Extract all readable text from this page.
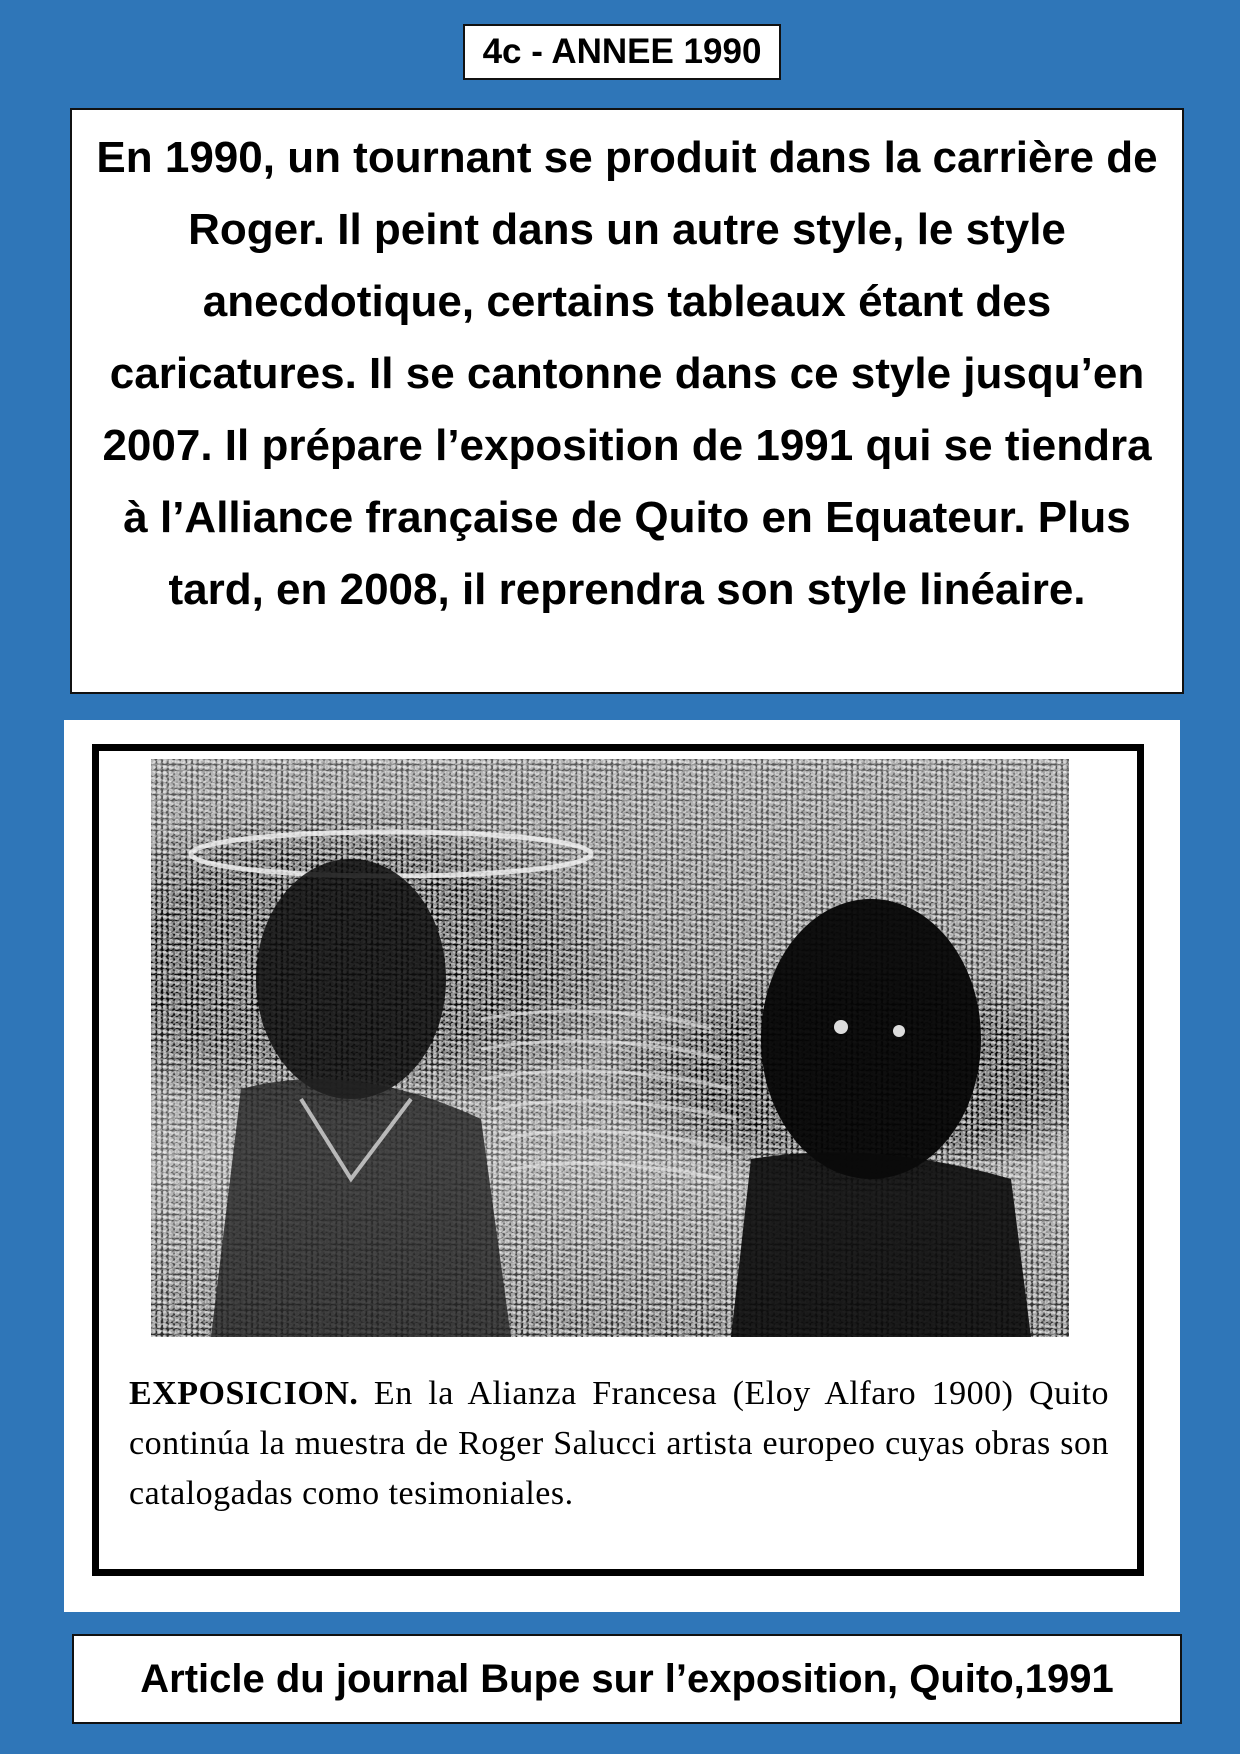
4c - ANNEE 1990
En 1990, un tournant se produit dans la carrière de Roger. Il peint dans un autre style, le style anecdotique, certains tableaux étant des caricatures. Il se cantonne dans ce style jusqu’en 2007. Il prépare l’exposition de 1991 qui se tiendra à l’Alliance française de Quito en Equateur. Plus tard, en 2008, il reprendra son style linéaire.
EXPOSICION. En la Alianza Francesa (Eloy Alfaro 1900) Quito continúa la muestra de Roger Salucci artista europeo cuyas obras son catalogadas como tesimoniales.
Article du journal Bupe sur l’exposition, Quito,1991
